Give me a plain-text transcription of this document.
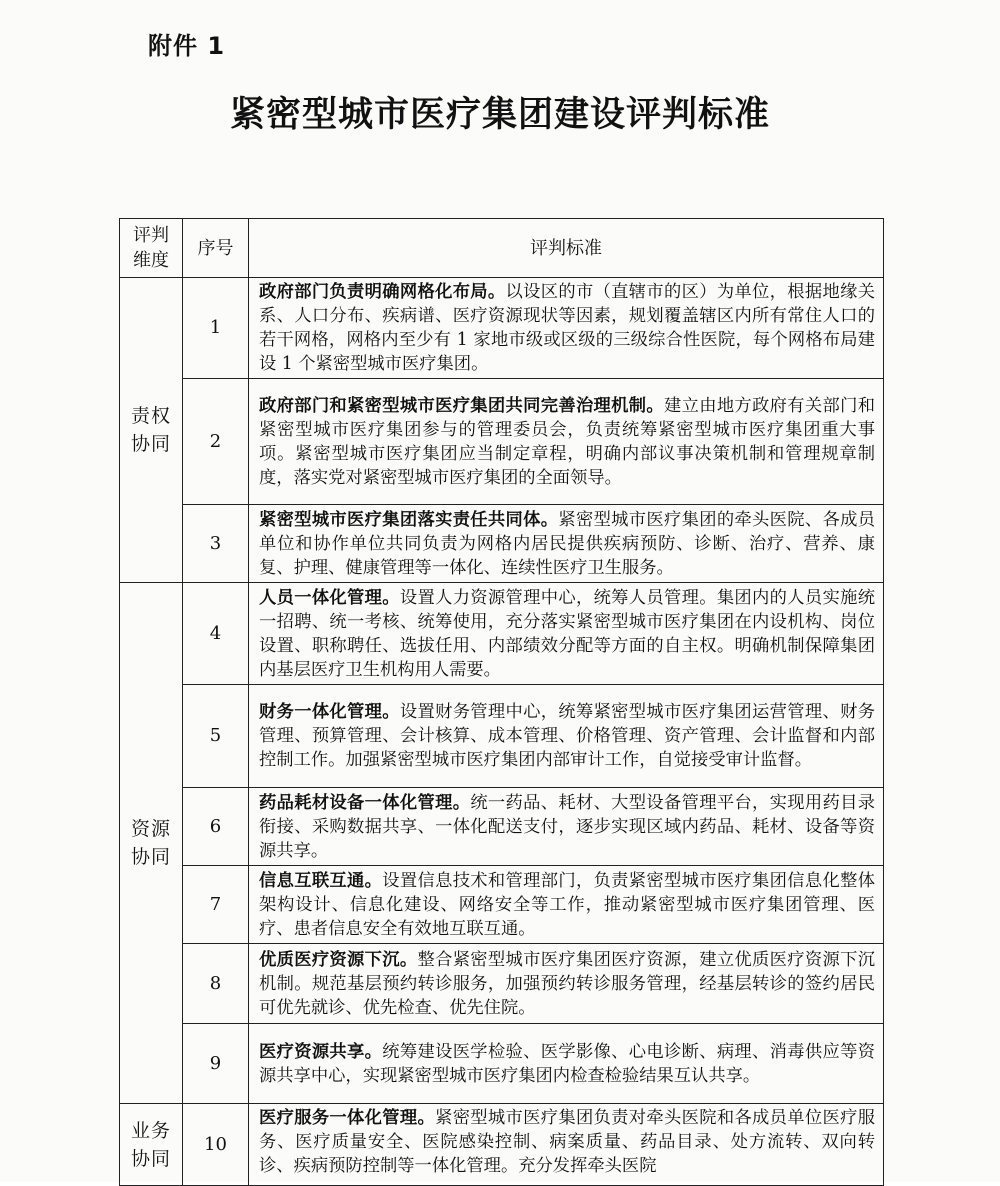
附件 1
紧密型城市医疗集团建设评判标准
评判维度	序号	评判标准
责权协同	1	政府部门负责明确网格化布局。以设区的市（直辖市的区）为单位，根据地缘关系、人口分布、疾病谱、医疗资源现状等因素，规划覆盖辖区内所有常住人口的若干网格，网格内至少有 1 家地市级或区级的三级综合性医院，每个网格布局建设 1 个紧密型城市医疗集团。
	2	政府部门和紧密型城市医疗集团共同完善治理机制。建立由地方政府有关部门和紧密型城市医疗集团参与的管理委员会，负责统筹紧密型城市医疗集团重大事项。紧密型城市医疗集团应当制定章程，明确内部议事决策机制和管理规章制度，落实党对紧密型城市医疗集团的全面领导。
	3	紧密型城市医疗集团落实责任共同体。紧密型城市医疗集团的牵头医院、各成员单位和协作单位共同负责为网格内居民提供疾病预防、诊断、治疗、营养、康复、护理、健康管理等一体化、连续性医疗卫生服务。
资源协同	4	人员一体化管理。设置人力资源管理中心，统筹人员管理。集团内的人员实施统一招聘、统一考核、统筹使用，充分落实紧密型城市医疗集团在内设机构、岗位设置、职称聘任、选拔任用、内部绩效分配等方面的自主权。明确机制保障集团内基层医疗卫生机构用人需要。
	5	财务一体化管理。设置财务管理中心，统筹紧密型城市医疗集团运营管理、财务管理、预算管理、会计核算、成本管理、价格管理、资产管理、会计监督和内部控制工作。加强紧密型城市医疗集团内部审计工作，自觉接受审计监督。
	6	药品耗材设备一体化管理。统一药品、耗材、大型设备管理平台，实现用药目录衔接、采购数据共享、一体化配送支付，逐步实现区域内药品、耗材、设备等资源共享。
	7	信息互联互通。设置信息技术和管理部门，负责紧密型城市医疗集团信息化整体架构设计、信息化建设、网络安全等工作，推动紧密型城市医疗集团管理、医疗、患者信息安全有效地互联互通。
	8	优质医疗资源下沉。整合紧密型城市医疗集团医疗资源，建立优质医疗资源下沉机制。规范基层预约转诊服务，加强预约转诊服务管理，经基层转诊的签约居民可优先就诊、优先检查、优先住院。
	9	医疗资源共享。统筹建设医学检验、医学影像、心电诊断、病理、消毒供应等资源共享中心，实现紧密型城市医疗集团内检查检验结果互认共享。
业务协同	10	医疗服务一体化管理。紧密型城市医疗集团负责对牵头医院和各成员单位医疗服务、医疗质量安全、医院感染控制、病案质量、药品目录、处方流转、双向转诊、疾病预防控制等一体化管理。充分发挥牵头医院
